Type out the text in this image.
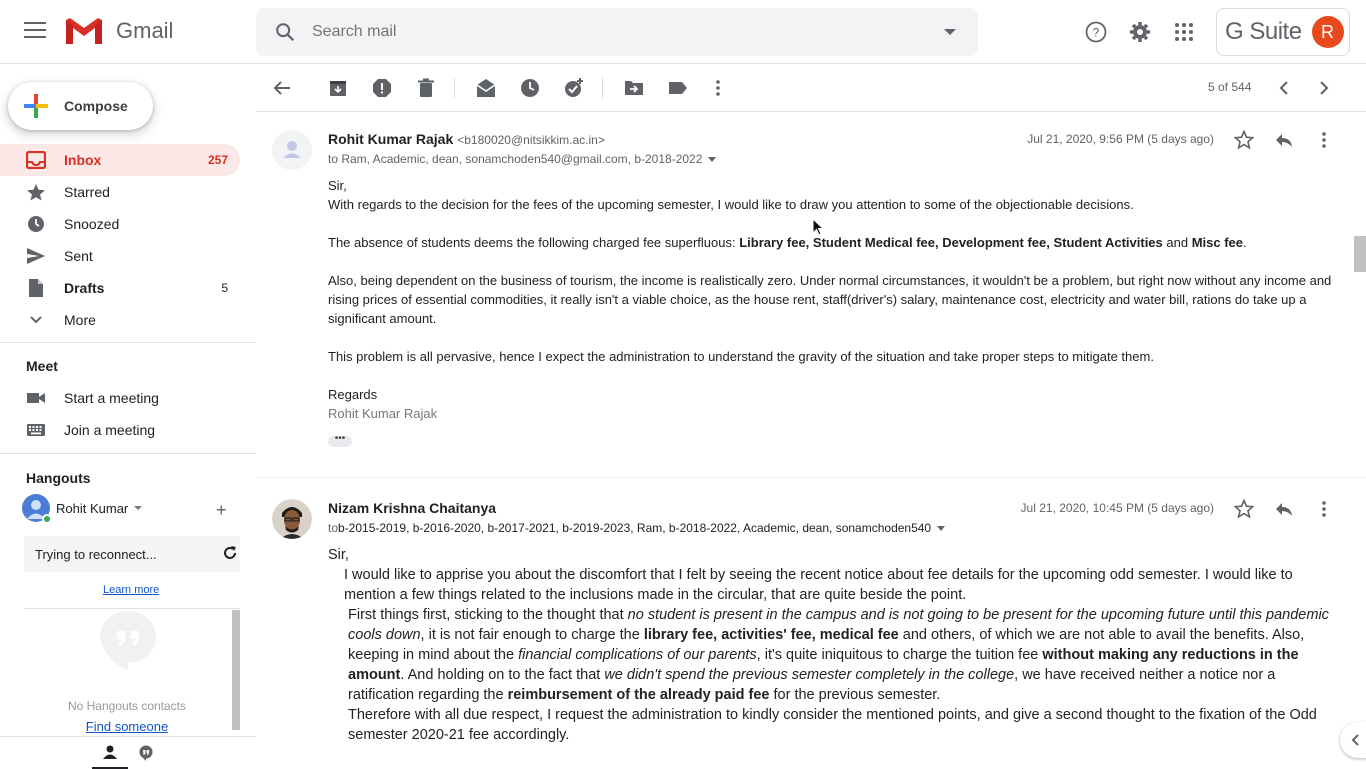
Gmail
Search mail	?	G Suite	R
Compose
Inbox	257
Starred
Snoozed
Sent
Drafts	5
More
Meet
Start a meeting
Join a meeting
Hangouts
Rohit Kumar	+
Trying to reconnect...
Learn more
No Hangouts contacts
Find someone
5 of 544
Rohit Kumar Rajak <b180020@nitsikkim.ac.in>
to Ram, Academic, dean, sonamchoden540@gmail.com, b-2018-2022
Jul 21, 2020, 9:56 PM (5 days ago)

Sir,

With regards to the decision for the fees of the upcoming semester, I would like to draw you attention to some of the objectionable decisions.

The absence of students deems the following charged fee superfluous: Library fee, Student Medical fee, Development fee, Student Activities and Misc fee.

Also, being dependent on the business of tourism, the income is realistically zero. Under normal circumstances, it wouldn't be a problem, but right now without any income and rising prices of essential commodities, it really isn't a viable choice, as the house rent, staff(driver's) salary, maintenance cost, electricity and water bill, rations do take up a significant amount.

This problem is all pervasive, hence I expect the administration to understand the gravity of the situation and take proper steps to mitigate them.

Regards

Rohit Kumar Rajak

•••
Nizam Krishna Chaitanya
to b-2015-2019, b-2016-2020, b-2017-2021, b-2019-2023, Ram, b-2018-2022, Academic, dean, sonamchoden540
Jul 21, 2020, 10:45 PM (5 days ago)
Sir,
I would like to apprise you about the discomfort that I felt by seeing the recent notice about fee details for the upcoming odd semester. I would like to mention a few things related to the inclusions made in the circular, that are quite beside the point.
First things first, sticking to the thought that no student is present in the campus and is not going to be present for the upcoming future until this pandemic cools down, it is not fair enough to charge the library fee, activities' fee, medical fee and others, of which we are not able to avail the benefits. Also, keeping in mind about the financial complications of our parents, it's quite iniquitous to charge the tuition fee without making any reductions in the amount. And holding on to the fact that we didn't spend the previous semester completely in the college, we have received neither a notice nor a ratification regarding the reimbursement of the already paid fee for the previous semester.
Therefore with all due respect, I request the administration to kindly consider the mentioned points, and give a second thought to the fixation of the Odd semester 2020-21 fee accordingly.
